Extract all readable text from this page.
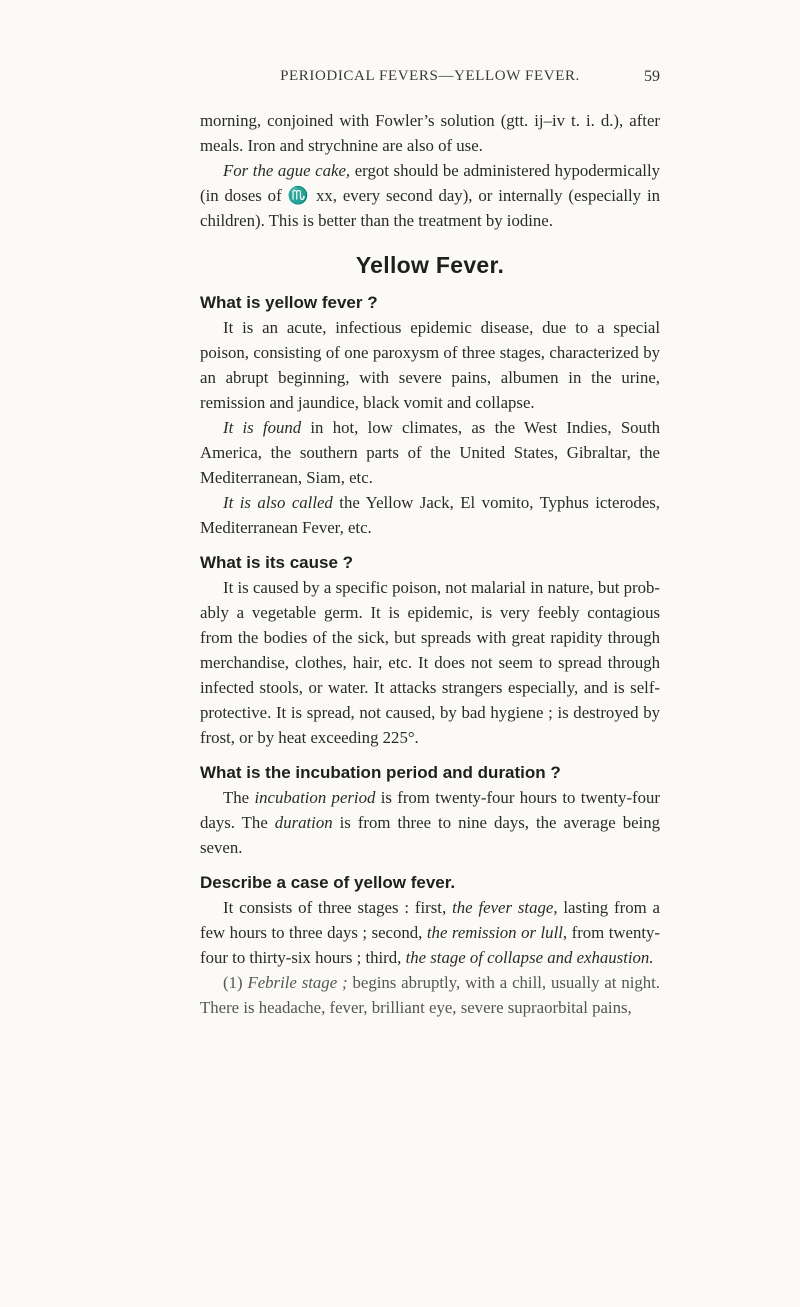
PERIODICAL FEVERS—YELLOW FEVER.	59

morning, conjoined with Fowler’s solution (gtt. ij–iv t. i. d.), after meals. Iron and strychnine are also of use.

For the ague cake, ergot should be administered hypodermically (in doses of ♏ xx, every second day), or internally (especially in children). This is better than the treatment by iodine.

Yellow Fever.
What is yellow fever ?

It is an acute, infectious epidemic disease, due to a special poison, consisting of one paroxysm of three stages, characterized by an abrupt beginning, with severe pains, albumen in the urine, remission and jaundice, black vomit and collapse.

It is found in hot, low climates, as the West Indies, South America, the southern parts of the United States, Gibraltar, the Mediterranean, Siam, etc.

It is also called the Yellow Jack, El vomito, Typhus icterodes, Mediterranean Fever, etc.

What is its cause ?

It is caused by a specific poison, not malarial in nature, but probably a vegetable germ. It is epidemic, is very feebly contagious from the bodies of the sick, but spreads with great rapidity through merchandise, clothes, hair, etc. It does not seem to spread through infected stools, or water. It attacks strangers especially, and is self-protective. It is spread, not caused, by bad hygiene ; is destroyed by frost, or by heat exceeding 225°.

What is the incubation period and duration ?

The incubation period is from twenty-four hours to twenty-four days. The duration is from three to nine days, the average being seven.

Describe a case of yellow fever.

It consists of three stages : first, the fever stage, lasting from a few hours to three days ; second, the remission or lull, from twenty-four to thirty-six hours ; third, the stage of collapse and exhaustion.

(1) Febrile stage ; begins abruptly, with a chill, usually at night. There is headache, fever, brilliant eye, severe supraorbital pains,
